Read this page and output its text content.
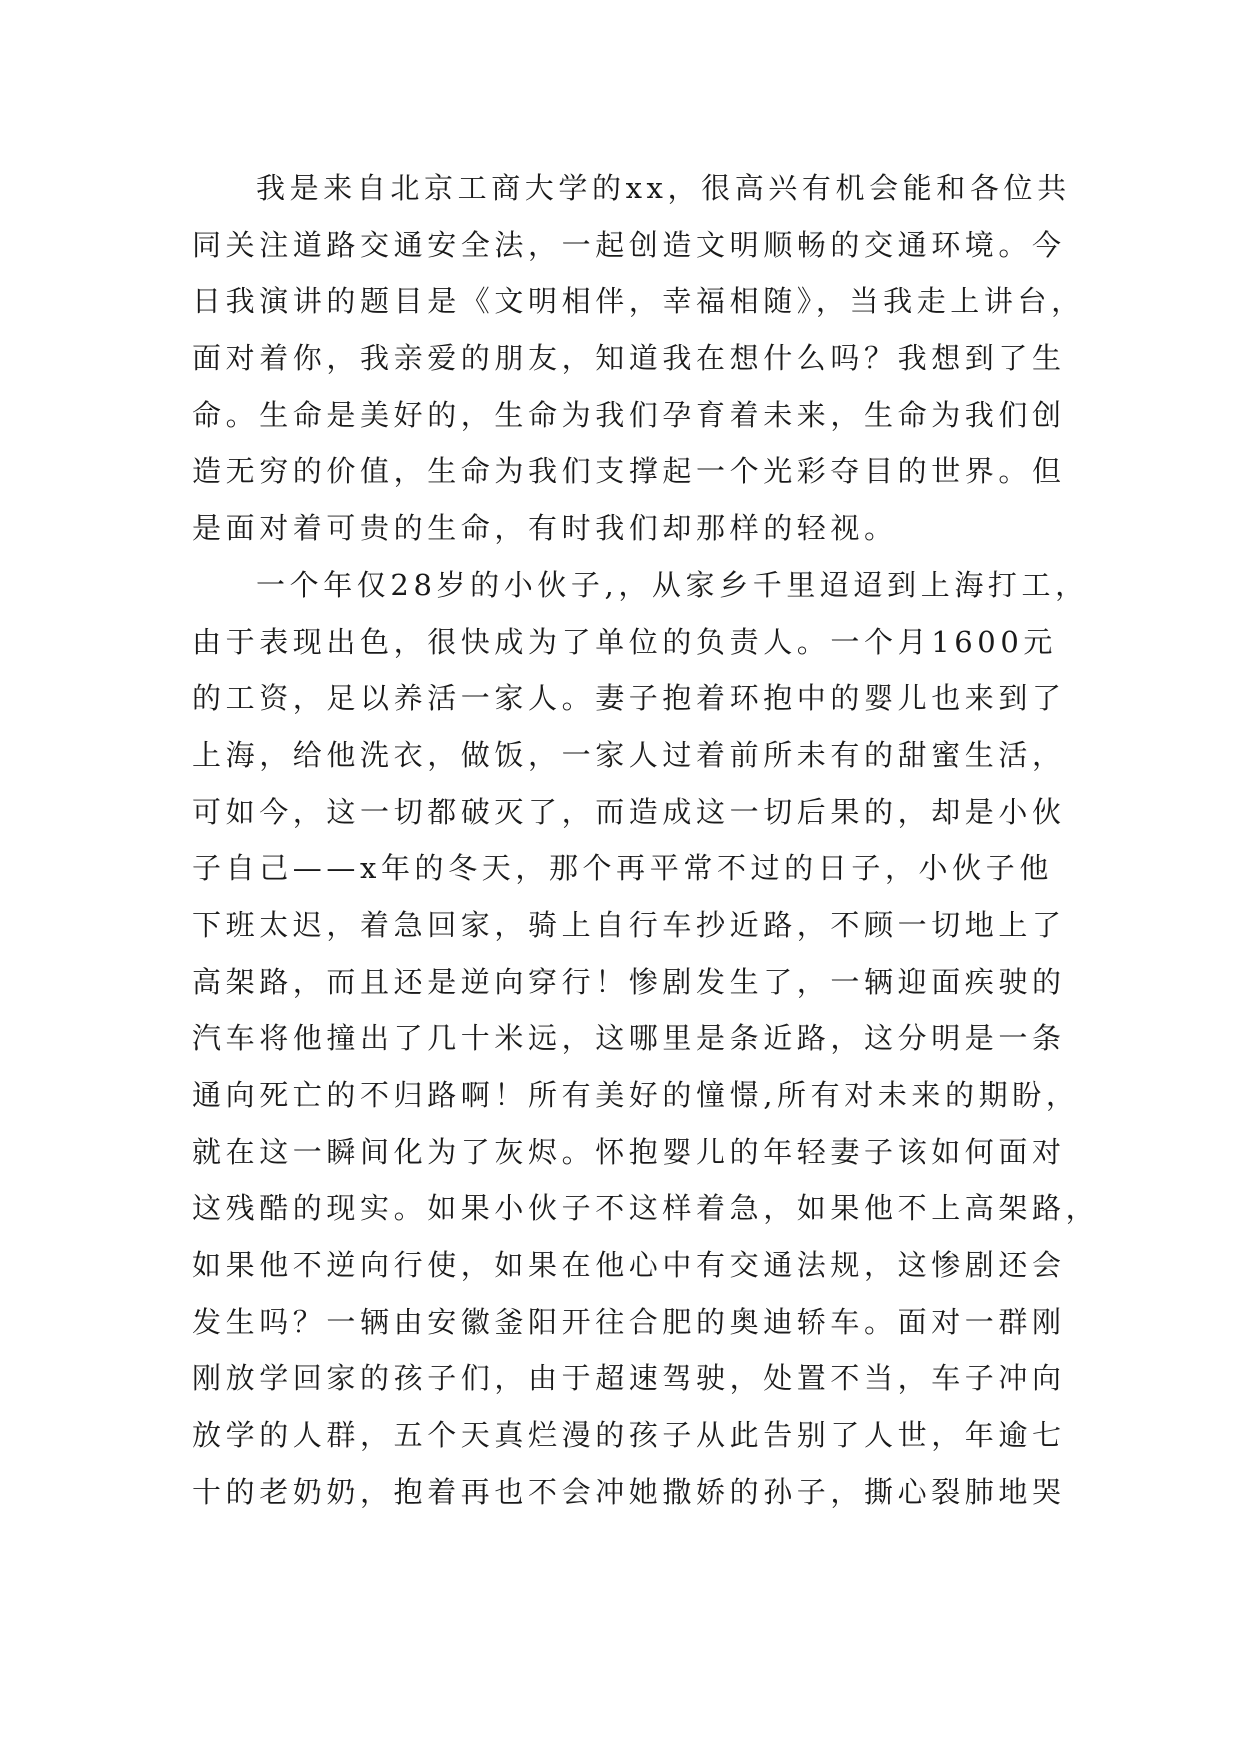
我是来自北京工商大学的xx，很高兴有机会能和各位共
同关注道路交通安全法，一起创造文明顺畅的交通环境。今
日我演讲的题目是《文明相伴，幸福相随》，当我走上讲台，
面对着你，我亲爱的朋友，知道我在想什么吗？我想到了生
命。生命是美好的，生命为我们孕育着未来，生命为我们创
造无穷的价值，生命为我们支撑起一个光彩夺目的世界。但
是面对着可贵的生命，有时我们却那样的轻视。
一个年仅28岁的小伙子,，从家乡千里迢迢到上海打工，
由于表现出色，很快成为了单位的负责人。一个月1600元
的工资，足以养活一家人。妻子抱着环抱中的婴儿也来到了
上海，给他洗衣，做饭，一家人过着前所未有的甜蜜生活，
可如今，这一切都破灭了，而造成这一切后果的，却是小伙
子自己——x年的冬天，那个再平常不过的日子，小伙子他
下班太迟，着急回家，骑上自行车抄近路，不顾一切地上了
高架路，而且还是逆向穿行！惨剧发生了，一辆迎面疾驶的
汽车将他撞出了几十米远，这哪里是条近路，这分明是一条
通向死亡的不归路啊！所有美好的憧憬,所有对未来的期盼，
就在这一瞬间化为了灰烬。怀抱婴儿的年轻妻子该如何面对
这残酷的现实。如果小伙子不这样着急，如果他不上高架路，
如果他不逆向行使，如果在他心中有交通法规，这惨剧还会
发生吗？一辆由安徽釜阳开往合肥的奥迪轿车。面对一群刚
刚放学回家的孩子们，由于超速驾驶，处置不当，车子冲向
放学的人群，五个天真烂漫的孩子从此告别了人世，年逾七
十的老奶奶，抱着再也不会冲她撒娇的孙子，撕心裂肺地哭
